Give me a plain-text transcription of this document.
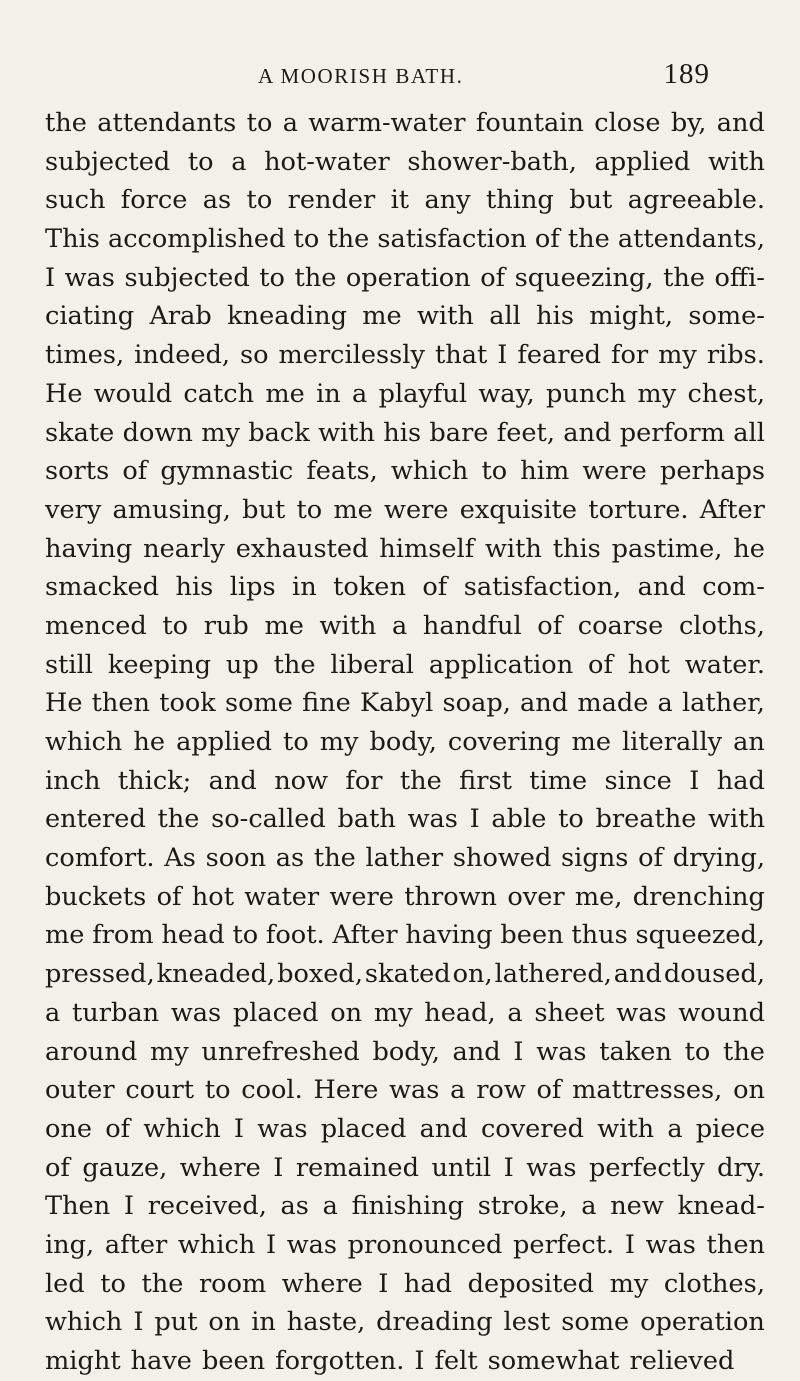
A MOORISH BATH.	189
the attendants to a warm-water fountain close by, and
subjected to a hot-water shower-bath, applied with
such force as to render it any thing but agreeable.
This accomplished to the satisfaction of the attendants,
I was subjected to the operation of squeezing, the offi-
ciating Arab kneading me with all his might, some-
times, indeed, so mercilessly that I feared for my ribs.
He would catch me in a playful way, punch my chest,
skate down my back with his bare feet, and perform all
sorts of gymnastic feats, which to him were perhaps
very amusing, but to me were exquisite torture. After
having nearly exhausted himself with this pastime, he
smacked his lips in token of satisfaction, and com-
menced to rub me with a handful of coarse cloths,
still keeping up the liberal application of hot water.
He then took some fine Kabyl soap, and made a lather,
which he applied to my body, covering me literally an
inch thick; and now for the first time since I had
entered the so-called bath was I able to breathe with
comfort. As soon as the lather showed signs of drying,
buckets of hot water were thrown over me, drenching
me from head to foot. After having been thus squeezed,
pressed, kneaded, boxed, skated on, lathered, and doused,
a turban was placed on my head, a sheet was wound
around my unrefreshed body, and I was taken to the
outer court to cool. Here was a row of mattresses, on
one of which I was placed and covered with a piece
of gauze, where I remained until I was perfectly dry.
Then I received, as a finishing stroke, a new knead-
ing, after which I was pronounced perfect. I was then
led to the room where I had deposited my clothes,
which I put on in haste, dreading lest some operation
might have been forgotten. I felt somewhat relieved
